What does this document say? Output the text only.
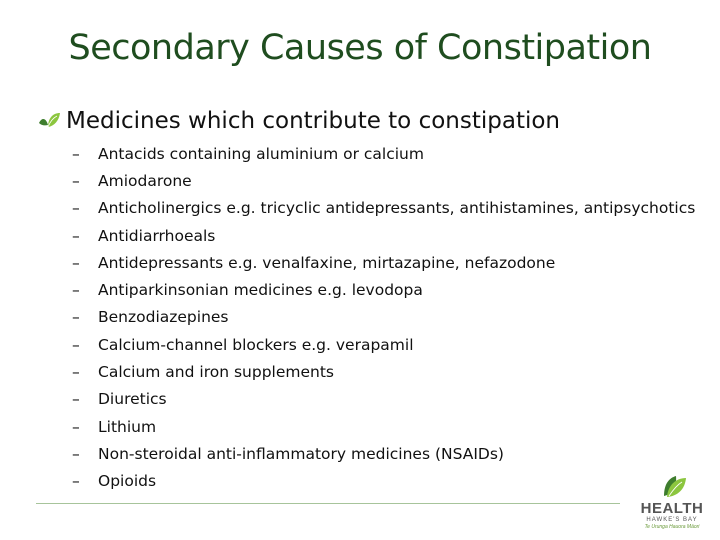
Secondary Causes of Constipation
Medicines which contribute to constipation
–	Antacids containing aluminium or calcium
–	Amiodarone
–	Anticholinergics e.g. tricyclic antidepressants, antihistamines, antipsychotics
–	Antidiarrhoeals
–	Antidepressants e.g. venalfaxine, mirtazapine, nefazodone
–	Antiparkinsonian medicines e.g. levodopa
–	Benzodiazepines
–	Calcium-channel blockers e.g. verapamil
–	Calcium and iron supplements
–	Diuretics
–	Lithium
–	Non-steroidal anti-inflammatory medicines (NSAIDs)
–	Opioids
HEALTH
HAWKE'S BAY
Te Urunga Hauora Māori
